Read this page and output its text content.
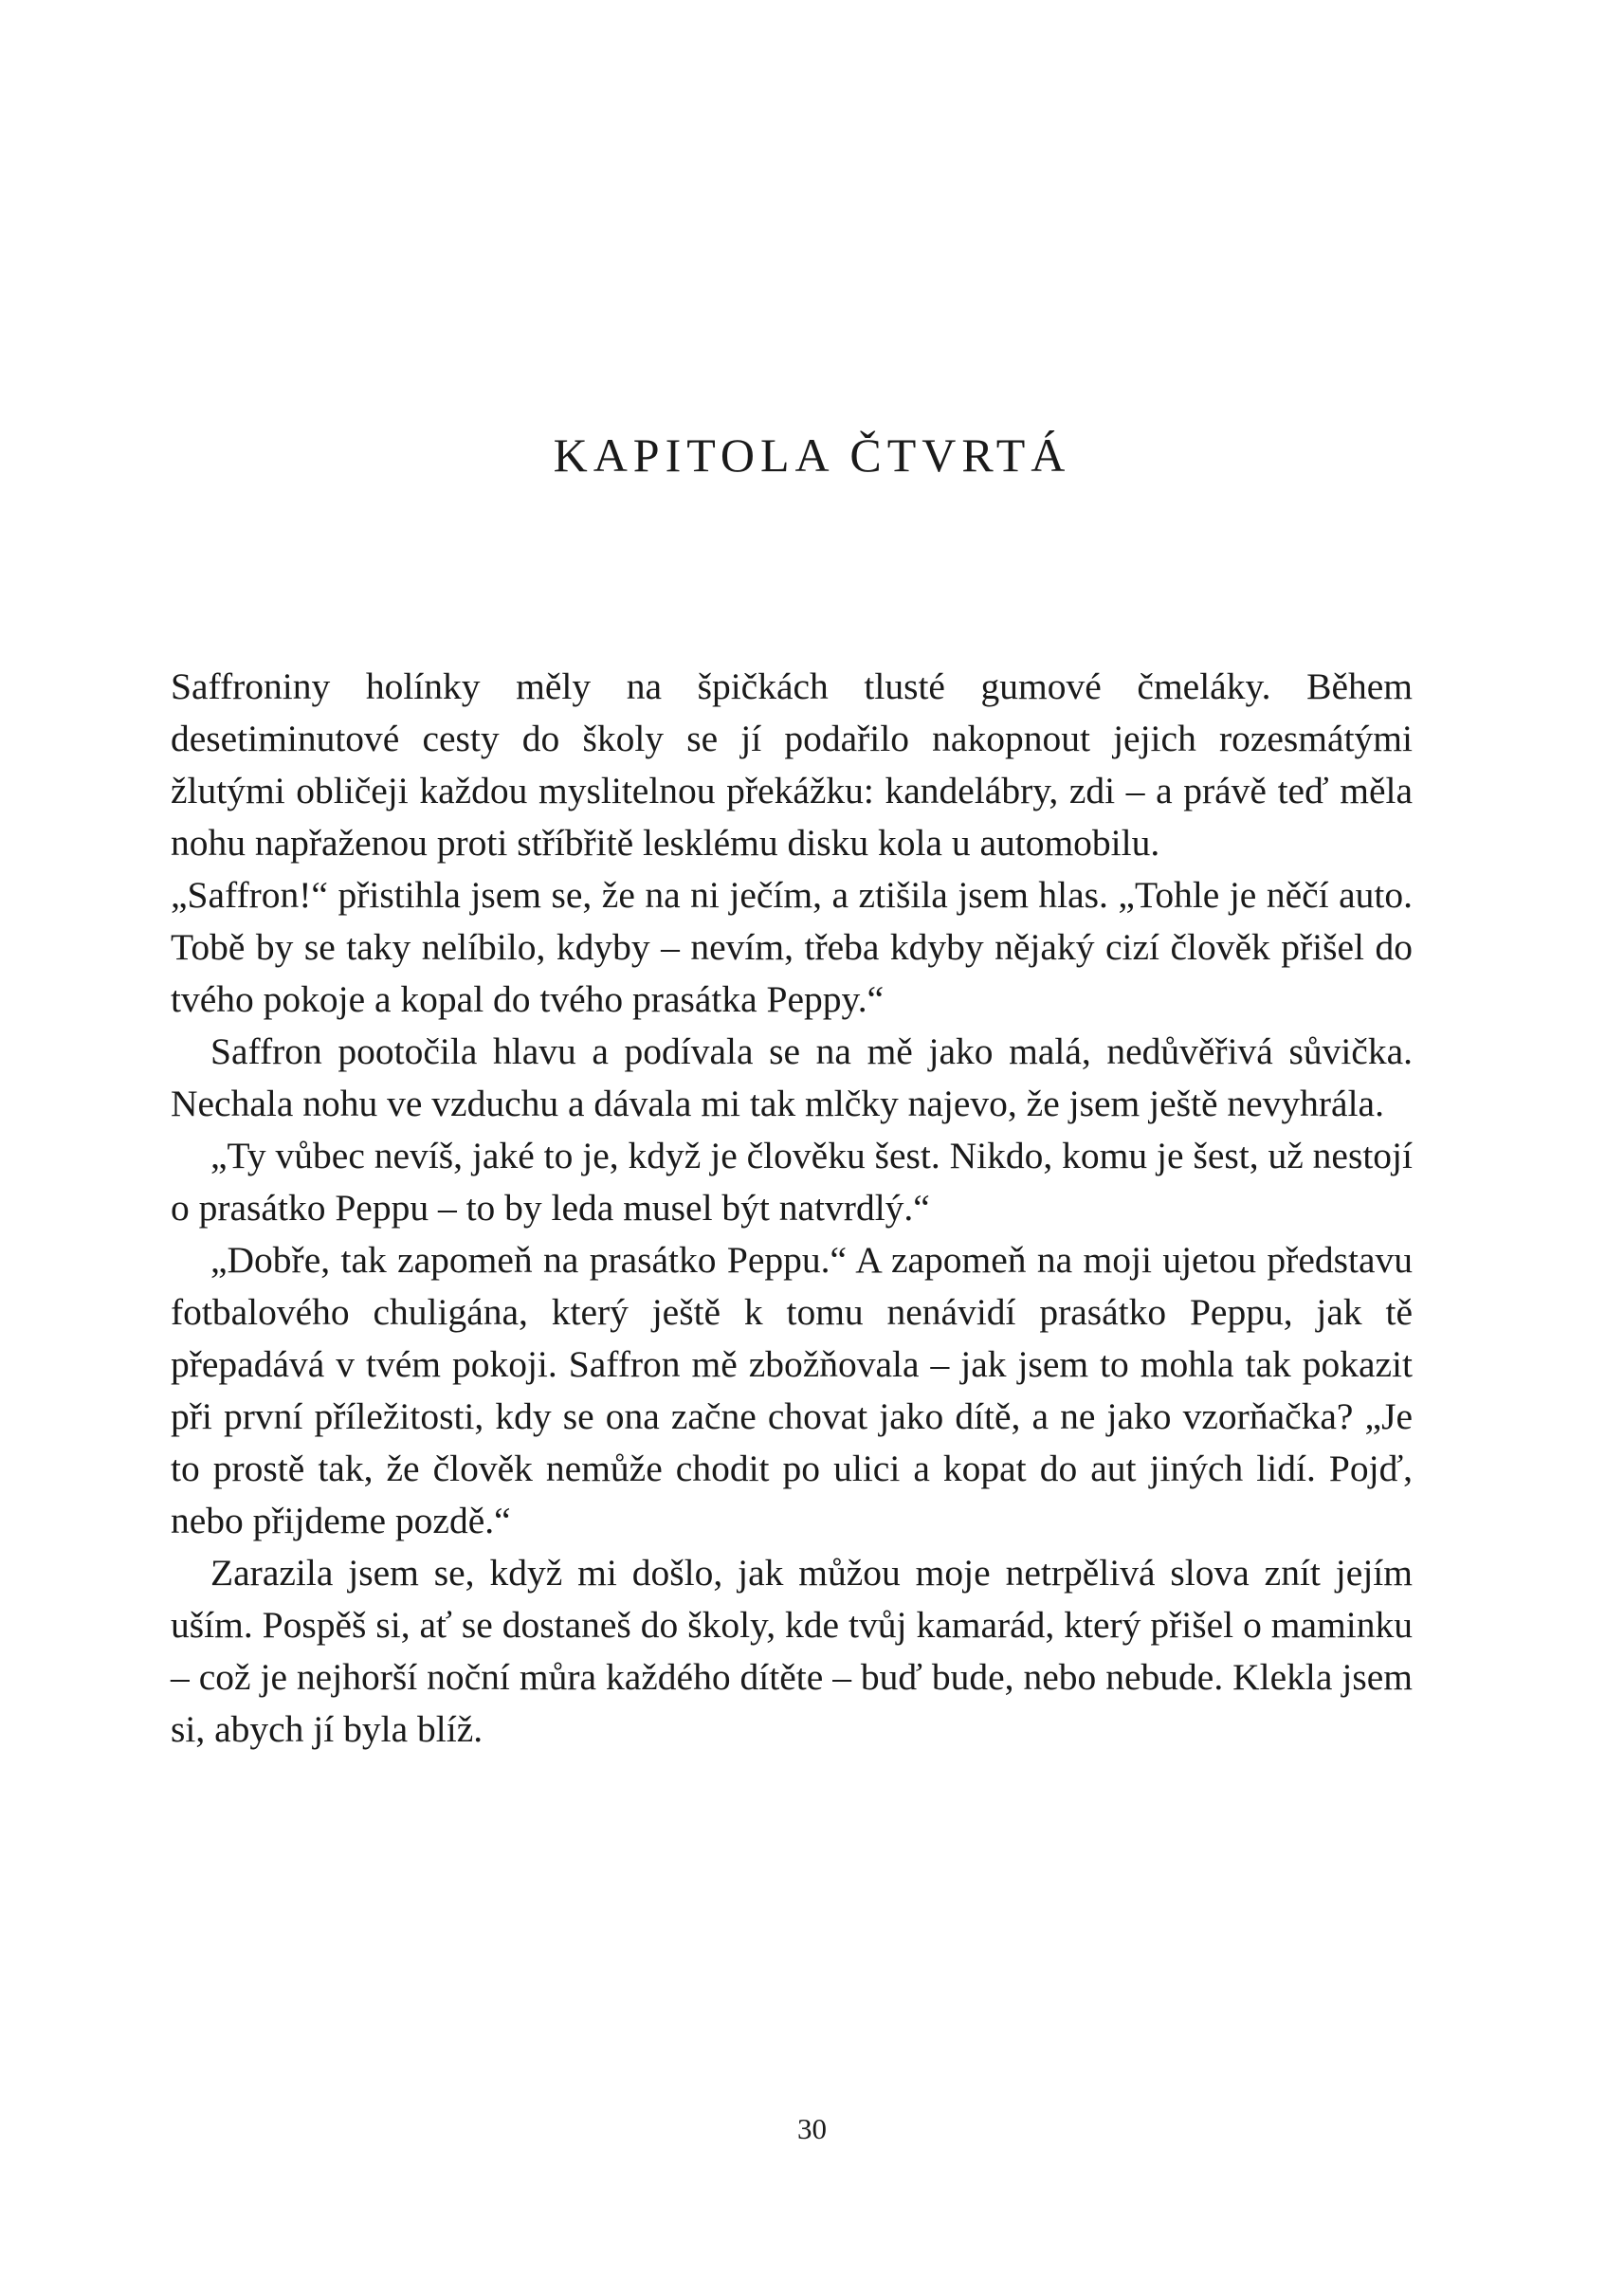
KAPITOLA ČTVRTÁ

Saffroniny holínky měly na špičkách tlusté gumové čmeláky. Během desetiminutové cesty do školy se jí podařilo nakopnout jejich rozesmátými žlutými obličeji každou myslitelnou překážku: kandelábry, zdi – a právě teď měla nohu napřaženou proti stříbřitě lesklému disku kola u automobilu.

„Saffron!“ přistihla jsem se, že na ni ječím, a ztišila jsem hlas. „Tohle je něčí auto. Tobě by se taky nelíbilo, kdyby – nevím, třeba kdyby nějaký cizí člověk přišel do tvého pokoje a kopal do tvého prasátka Peppy.“

Saffron pootočila hlavu a podívala se na mě jako malá, nedůvěřivá sůvička. Nechala nohu ve vzduchu a dávala mi tak mlčky najevo, že jsem ještě nevyhrála.

„Ty vůbec nevíš, jaké to je, když je člověku šest. Nikdo, komu je šest, už nestojí o prasátko Peppu – to by leda musel být natvrdlý.“

„Dobře, tak zapomeň na prasátko Peppu.“ A zapomeň na moji ujetou představu fotbalového chuligána, který ještě k tomu nenávidí prasátko Peppu, jak tě přepadává v tvém pokoji. Saffron mě zbožňovala – jak jsem to mohla tak pokazit při první příležitosti, kdy se ona začne chovat jako dítě, a ne jako vzorňačka? „Je to prostě tak, že člověk nemůže chodit po ulici a kopat do aut jiných lidí. Pojď, nebo přijdeme pozdě.“

Zarazila jsem se, když mi došlo, jak můžou moje netrpělivá slova znít jejím uším. Pospěš si, ať se dostaneš do školy, kde tvůj kamarád, který přišel o maminku – což je nejhorší noční můra každého dítěte – buď bude, nebo nebude. Klekla jsem si, abych jí byla blíž.

30
